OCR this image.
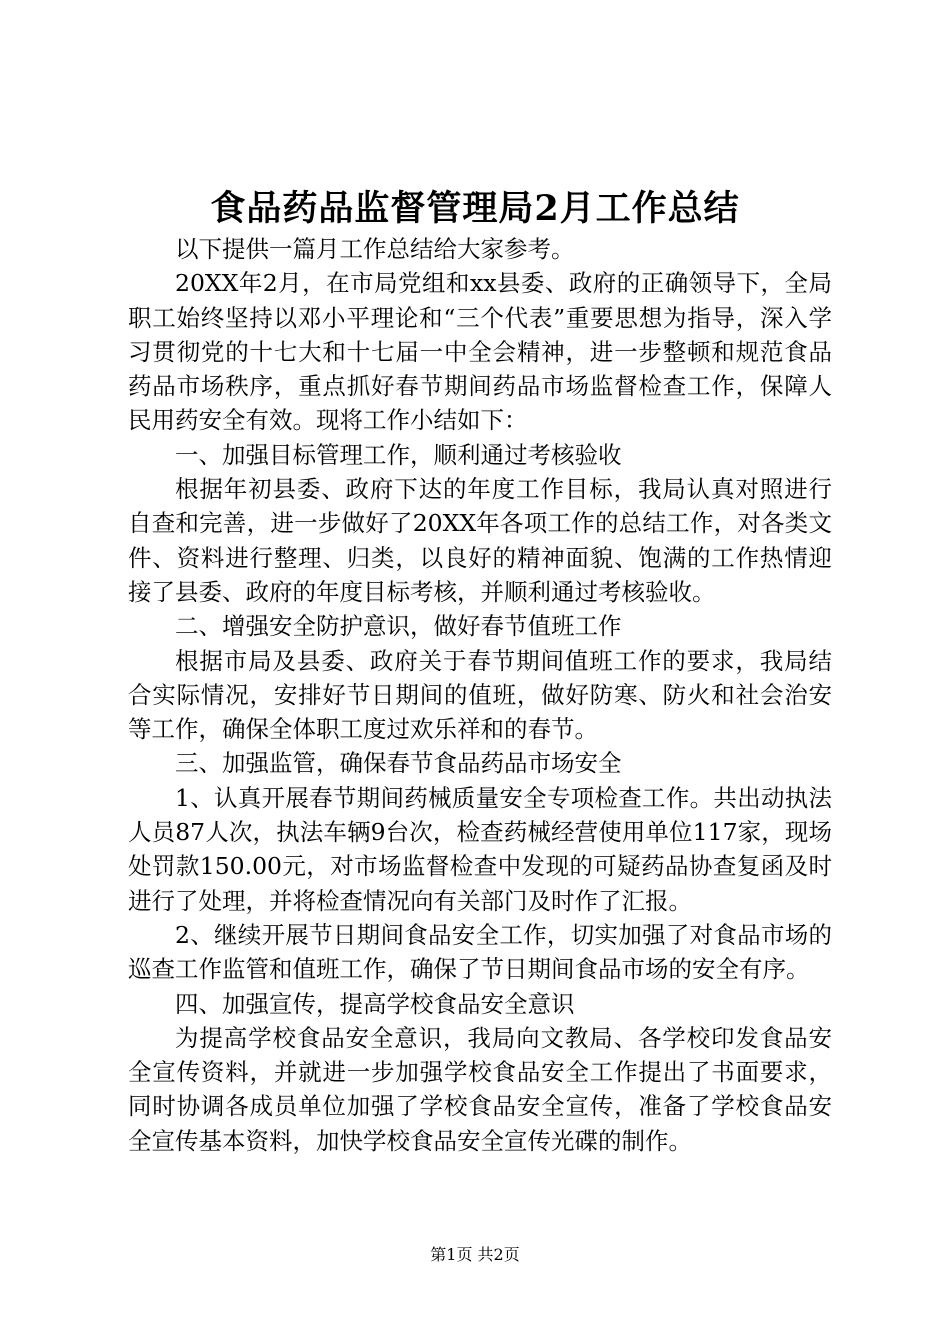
食品药品监督管理局2月工作总结

以下提供一篇月工作总结给大家参考。

20XX年2月，在市局党组和xx县委、政府的正确领导下，全局职工始终坚持以邓小平理论和“三个代表”重要思想为指导，深入学习贯彻党的十七大和十七届一中全会精神，进一步整顿和规范食品药品市场秩序，重点抓好春节期间药品市场监督检查工作，保障人民用药安全有效。现将工作小结如下：

一、加强目标管理工作，顺利通过考核验收

根据年初县委、政府下达的年度工作目标，我局认真对照进行自查和完善，进一步做好了20XX年各项工作的总结工作，对各类文件、资料进行整理、归类，以良好的精神面貌、饱满的工作热情迎接了县委、政府的年度目标考核，并顺利通过考核验收。

二、增强安全防护意识，做好春节值班工作

根据市局及县委、政府关于春节期间值班工作的要求，我局结合实际情况，安排好节日期间的值班，做好防寒、防火和社会治安等工作，确保全体职工度过欢乐祥和的春节。

三、加强监管，确保春节食品药品市场安全

1、认真开展春节期间药械质量安全专项检查工作。共出动执法人员87人次，执法车辆9台次，检查药械经营使用单位117家，现场处罚款150.00元，对市场监督检查中发现的可疑药品协查复函及时进行了处理，并将检查情况向有关部门及时作了汇报。

2、继续开展节日期间食品安全工作，切实加强了对食品市场的巡查工作监管和值班工作，确保了节日期间食品市场的安全有序。

四、加强宣传，提高学校食品安全意识

为提高学校食品安全意识，我局向文教局、各学校印发食品安全宣传资料，并就进一步加强学校食品安全工作提出了书面要求，同时协调各成员单位加强了学校食品安全宣传，准备了学校食品安全宣传基本资料，加快学校食品安全宣传光碟的制作。

第1页 共2页
